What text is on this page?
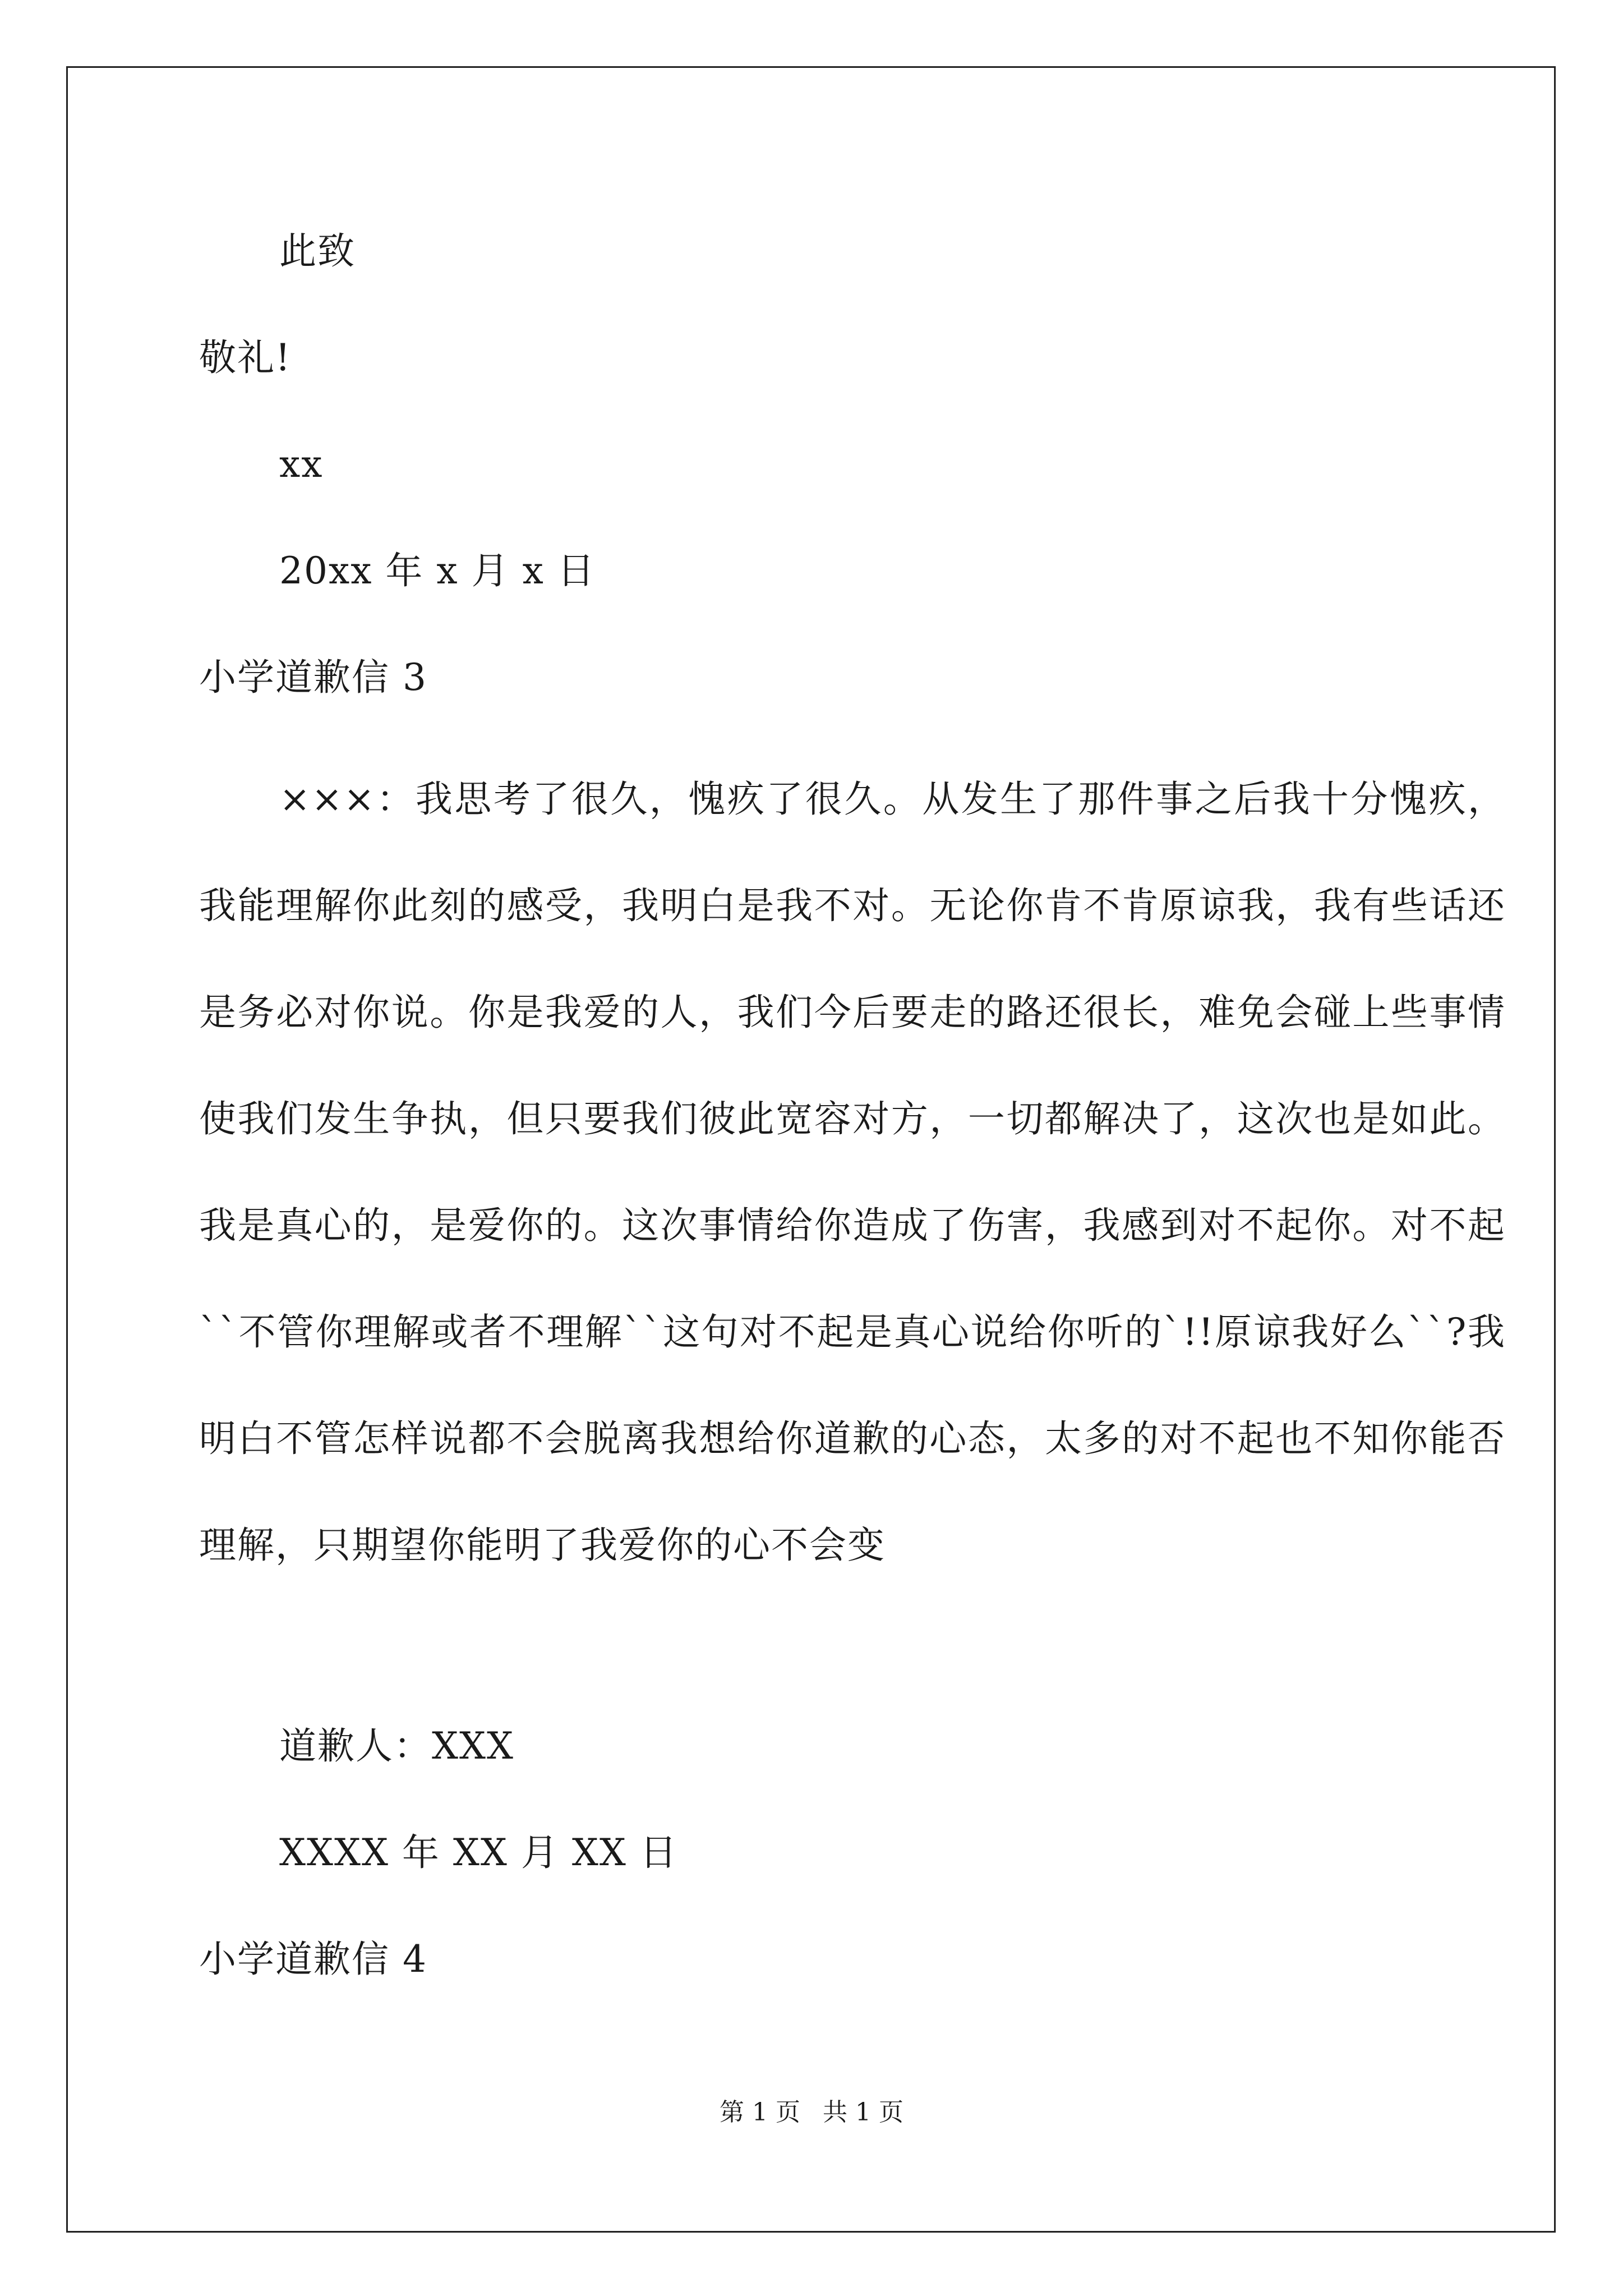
此致
敬礼!
xx
20xx 年 x 月 x 日
小学道歉信 3

×××：我思考了很久，愧疚了很久。从发生了那件事之后我十分愧疚，我能理解你此刻的感受，我明白是我不对。无论你肯不肯原谅我，我有些话还是务必对你说。你是我爱的人，我们今后要走的路还很长，难免会碰上些事情使我们发生争执，但只要我们彼此宽容对方，一切都解决了，这次也是如此。我是真心的，是爱你的。这次事情给你造成了伤害，我感到对不起你。对不起``不管你理解或者不理解``这句对不起是真心说给你听的`!!原谅我好么``?我明白不管怎样说都不会脱离我想给你道歉的心态，太多的对不起也不知你能否理解，只期望你能明了我爱你的心不会变

道歉人：XXX
XXXX 年 XX 月 XX 日
小学道歉信 4
第 1 页 共 1 页
